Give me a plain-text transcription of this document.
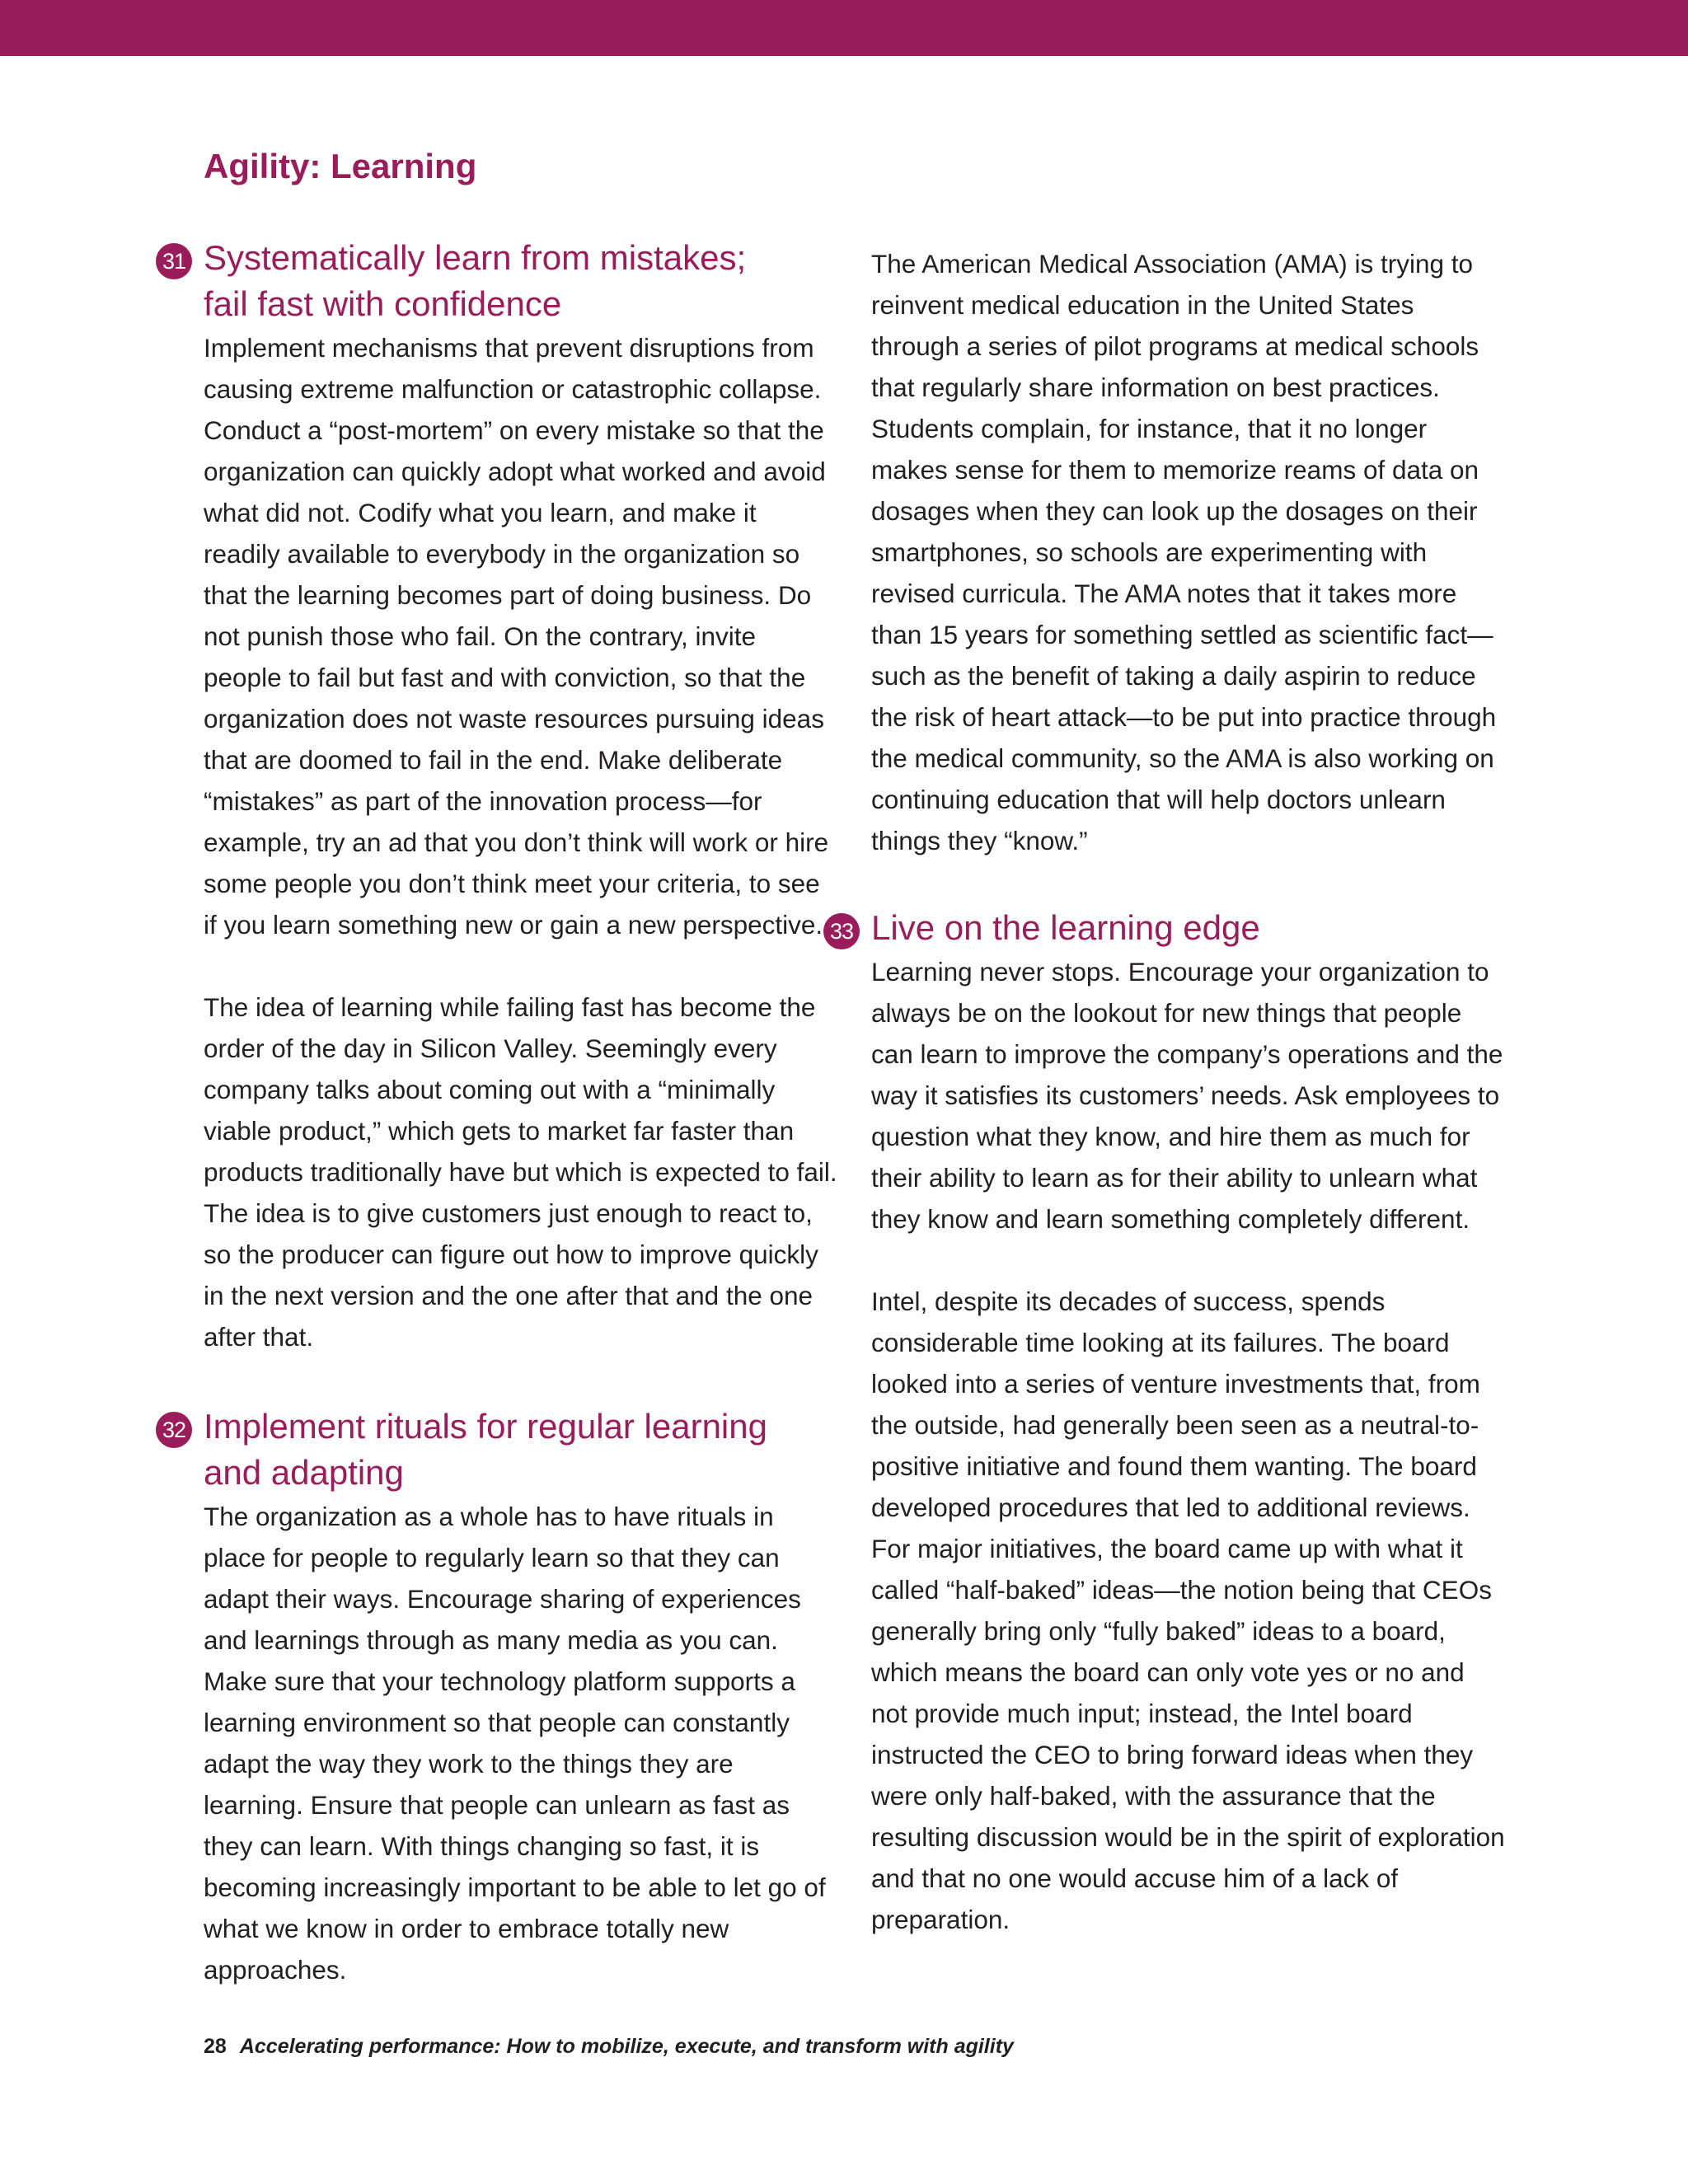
Agility: Learning
31 Systematically learn from mistakes;
fail fast with confidence

Implement mechanisms that prevent disruptions from causing extreme malfunction or catastrophic collapse. Conduct a “post-mortem” on every mistake so that the organization can quickly adopt what worked and avoid what did not. Codify what you learn, and make it readily available to everybody in the organization so that the learning becomes part of doing business. Do not punish those who fail. On the contrary, invite people to fail but fast and with conviction, so that the organization does not waste resources pursuing ideas that are doomed to fail in the end. Make deliberate “mistakes” as part of the innovation process—for example, try an ad that you don’t think will work or hire some people you don’t think meet your criteria, to see if you learn something new or gain a new perspective.

The idea of learning while failing fast has become the order of the day in Silicon Valley. Seemingly every company talks about coming out with a “minimally viable product,” which gets to market far faster than products traditionally have but which is expected to fail. The idea is to give customers just enough to react to, so the producer can figure out how to improve quickly in the next version and the one after that and the one after that.

32 Implement rituals for regular learning
and adapting

The organization as a whole has to have rituals in place for people to regularly learn so that they can adapt their ways. Encourage sharing of experiences and learnings through as many media as you can. Make sure that your technology platform supports a learning environment so that people can constantly adapt the way they work to the things they are learning. Ensure that people can unlearn as fast as they can learn. With things changing so fast, it is becoming increasingly important to be able to let go of what we know in order to embrace totally new approaches.

The American Medical Association (AMA) is trying to reinvent medical education in the United States through a series of pilot programs at medical schools that regularly share information on best practices. Students complain, for instance, that it no longer makes sense for them to memorize reams of data on dosages when they can look up the dosages on their smartphones, so schools are experimenting with revised curricula. The AMA notes that it takes more than 15 years for something settled as scientific fact—such as the benefit of taking a daily aspirin to reduce the risk of heart attack—to be put into practice through the medical community, so the AMA is also working on continuing education that will help doctors unlearn things they “know.”

33 Live on the learning edge

Learning never stops. Encourage your organization to always be on the lookout for new things that people can learn to improve the company’s operations and the way it satisfies its customers’ needs. Ask employees to question what they know, and hire them as much for their ability to learn as for their ability to unlearn what they know and learn something completely different.

Intel, despite its decades of success, spends considerable time looking at its failures. The board looked into a series of venture investments that, from the outside, had generally been seen as a neutral-to-positive initiative and found them wanting. The board developed procedures that led to additional reviews. For major initiatives, the board came up with what it called “half-baked” ideas—the notion being that CEOs generally bring only “fully baked” ideas to a board, which means the board can only vote yes or no and not provide much input; instead, the Intel board instructed the CEO to bring forward ideas when they were only half-baked, with the assurance that the resulting discussion would be in the spirit of exploration and that no one would accuse him of a lack of preparation.

28 Accelerating performance: How to mobilize, execute, and transform with agility
